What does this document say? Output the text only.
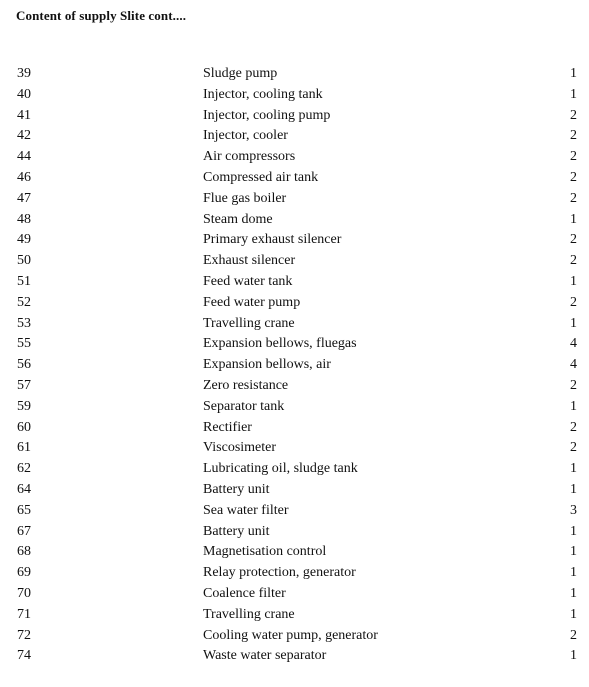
Content of supply Slite cont....
39	Sludge pump	1
40	Injector, cooling tank	1
41	Injector, cooling pump	2
42	Injector, cooler	2
44	Air compressors	2
46	Compressed air tank	2
47	Flue gas boiler	2
48	Steam dome	1
49	Primary exhaust silencer	2
50	Exhaust silencer	2
51	Feed water tank	1
52	Feed water pump	2
53	Travelling crane	1
55	Expansion bellows, fluegas	4
56	Expansion bellows, air	4
57	Zero resistance	2
59	Separator tank	1
60	Rectifier	2
61	Viscosimeter	2
62	Lubricating oil, sludge tank	1
64	Battery unit	1
65	Sea water filter	3
67	Battery unit	1
68	Magnetisation control	1
69	Relay protection, generator	1
70	Coalence filter	1
71	Travelling crane	1
72	Cooling water pump, generator	2
74	Waste water separator	1
